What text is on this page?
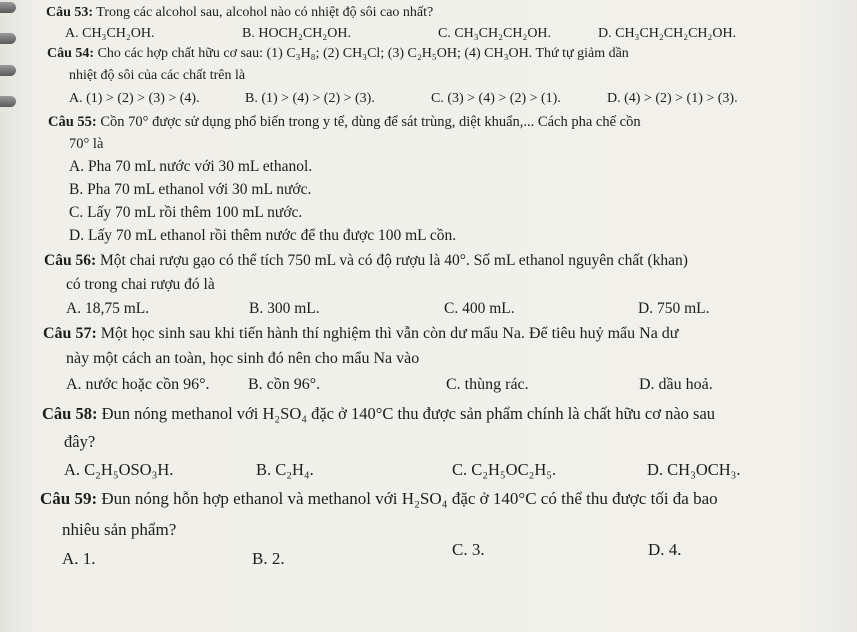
Câu 53: Trong các alcohol sau, alcohol nào có nhiệt độ sôi cao nhất?
A. CH₃CH₂OH.	B. HOCH₂CH₂OH.	C. CH₃CH₂CH₂OH.	D. CH₃CH₂CH₂CH₂OH.
Câu 54: Cho các hợp chất hữu cơ sau: (1) C₃H₈; (2) CH₃Cl; (3) C₂H₅OH; (4) CH₃OH. Thứ tự giảm dần
nhiệt độ sôi của các chất trên là
A. (1) > (2) > (3) > (4).	B. (1) > (4) > (2) > (3).	C. (3) > (4) > (2) > (1).	D. (4) > (2) > (1) > (3).
Câu 55: Cồn 70° được sử dụng phổ biến trong y tế, dùng để sát trùng, diệt khuẩn,... Cách pha chế cồn
70° là
A. Pha 70 mL nước với 30 mL ethanol.
B. Pha 70 mL ethanol với 30 mL nước.
C. Lấy 70 mL rồi thêm 100 mL nước.
D. Lấy 70 mL ethanol rồi thêm nước để thu được 100 mL cồn.
Câu 56: Một chai rượu gạo có thể tích 750 mL và có độ rượu là 40°. Số mL ethanol nguyên chất (khan)
có trong chai rượu đó là
A. 18,75 mL.	B. 300 mL.	C. 400 mL.	D. 750 mL.
Câu 57: Một học sinh sau khi tiến hành thí nghiệm thì vẫn còn dư mẩu Na. Để tiêu huỷ mẩu Na dư
này một cách an toàn, học sinh đó nên cho mẩu Na vào
A. nước hoặc cồn 96°. B. cồn 96°.	C. thùng rác.	D. dầu hoả.
Câu 58: Đun nóng methanol với H₂SO₄ đặc ở 140°C thu được sản phẩm chính là chất hữu cơ nào sau
đây?
A. C₂H₅OSO₃H.	B. C₂H₄.	C. C₂H₅OC₂H₅.	D. CH₃OCH₃.
Câu 59: Đun nóng hỗn hợp ethanol và methanol với H₂SO₄ đặc ở 140°C có thể thu được tối đa bao
nhiêu sản phẩm?
A. 1.	B. 2.	C. 3.	D. 4.
